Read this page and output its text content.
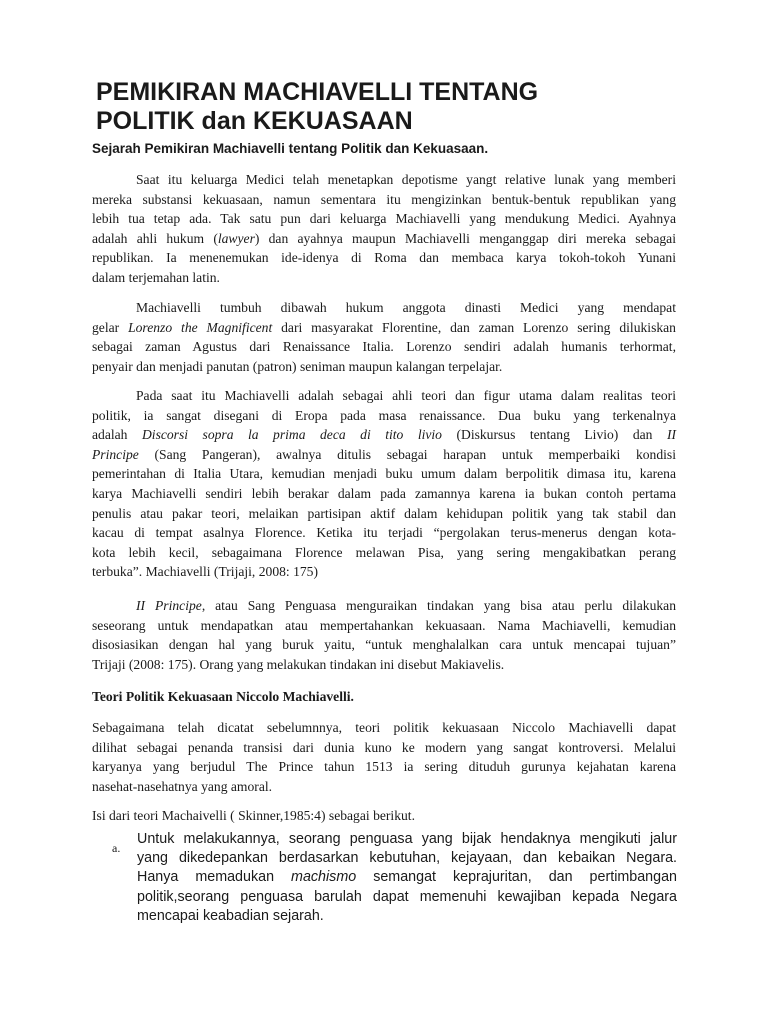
PEMIKIRAN MACHIAVELLI TENTANG
POLITIK dan KEKUASAAN

Sejarah Pemikiran Machiavelli tentang Politik dan Kekuasaan.

Saat itu keluarga Medici telah menetapkan depotisme yangt relative lunak yang memberi
mereka substansi kekuasaan, namun sementara itu mengizinkan bentuk-bentuk republikan yang
lebih tua tetap ada. Tak satu pun dari keluarga Machiavelli yang mendukung Medici. Ayahnya
adalah ahli hukum (lawyer) dan ayahnya maupun Machiavelli menganggap diri mereka sebagai
republikan. Ia menenemukan ide-idenya di Roma dan membaca karya tokoh-tokoh Yunani
dalam terjemahan latin.
Machiavelli tumbuh dibawah hukum anggota dinasti Medici yang mendapat
gelar Lorenzo the Magnificent dari masyarakat Florentine, dan zaman Lorenzo sering dilukiskan
sebagai zaman Agustus dari Renaissance Italia. Lorenzo sendiri adalah humanis terhormat,
penyair dan menjadi panutan (patron) seniman maupun kalangan terpelajar.
Pada saat itu Machiavelli adalah sebagai ahli teori dan figur utama dalam realitas teori
politik, ia sangat disegani di Eropa pada masa renaissance. Dua buku yang terkenalnya
adalah Discorsi sopra la prima deca di tito livio (Diskursus tentang Livio) dan II
Principe (Sang Pangeran), awalnya ditulis sebagai harapan untuk memperbaiki kondisi
pemerintahan di Italia Utara, kemudian menjadi buku umum dalam berpolitik dimasa itu, karena
karya Machiavelli sendiri lebih berakar dalam pada zamannya karena ia bukan contoh pertama
penulis atau pakar teori, melaikan partisipan aktif dalam kehidupan politik yang tak stabil dan
kacau di tempat asalnya Florence. Ketika itu terjadi “pergolakan terus-menerus dengan kota-
kota lebih kecil, sebagaimana Florence melawan Pisa, yang sering mengakibatkan perang
terbuka”. Machiavelli (Trijaji, 2008: 175)
II Principe, atau Sang Penguasa menguraikan tindakan yang bisa atau perlu dilakukan
seseorang untuk mendapatkan atau mempertahankan kekuasaan. Nama Machiavelli, kemudian
disosiasikan dengan hal yang buruk yaitu, “untuk menghalalkan cara untuk mencapai tujuan”
Trijaji (2008: 175). Orang yang melakukan tindakan ini disebut Makiavelis.

Teori Politik Kekuasaan Niccolo Machiavelli.

Sebagaimana telah dicatat sebelumnnya, teori politik kekuasaan Niccolo Machiavelli dapat
dilihat sebagai penanda transisi dari dunia kuno ke modern yang sangat kontroversi. Melalui
karyanya yang berjudul The Prince tahun 1513 ia sering dituduh gurunya kejahatan karena
nasehat-nasehatnya yang amoral.
Isi dari teori Machaivelli ( Skinner,1985:4) sebagai berikut.
a.
Untuk melakukannya, seorang penguasa yang bijak hendaknya mengikuti jalur
yang dikedepankan berdasarkan kebutuhan, kejayaan, dan kebaikan Negara.
Hanya memadukan machismo semangat keprajuritan, dan pertimbangan
politik,seorang penguasa barulah dapat memenuhi kewajiban kepada Negara
mencapai keabadian sejarah.
